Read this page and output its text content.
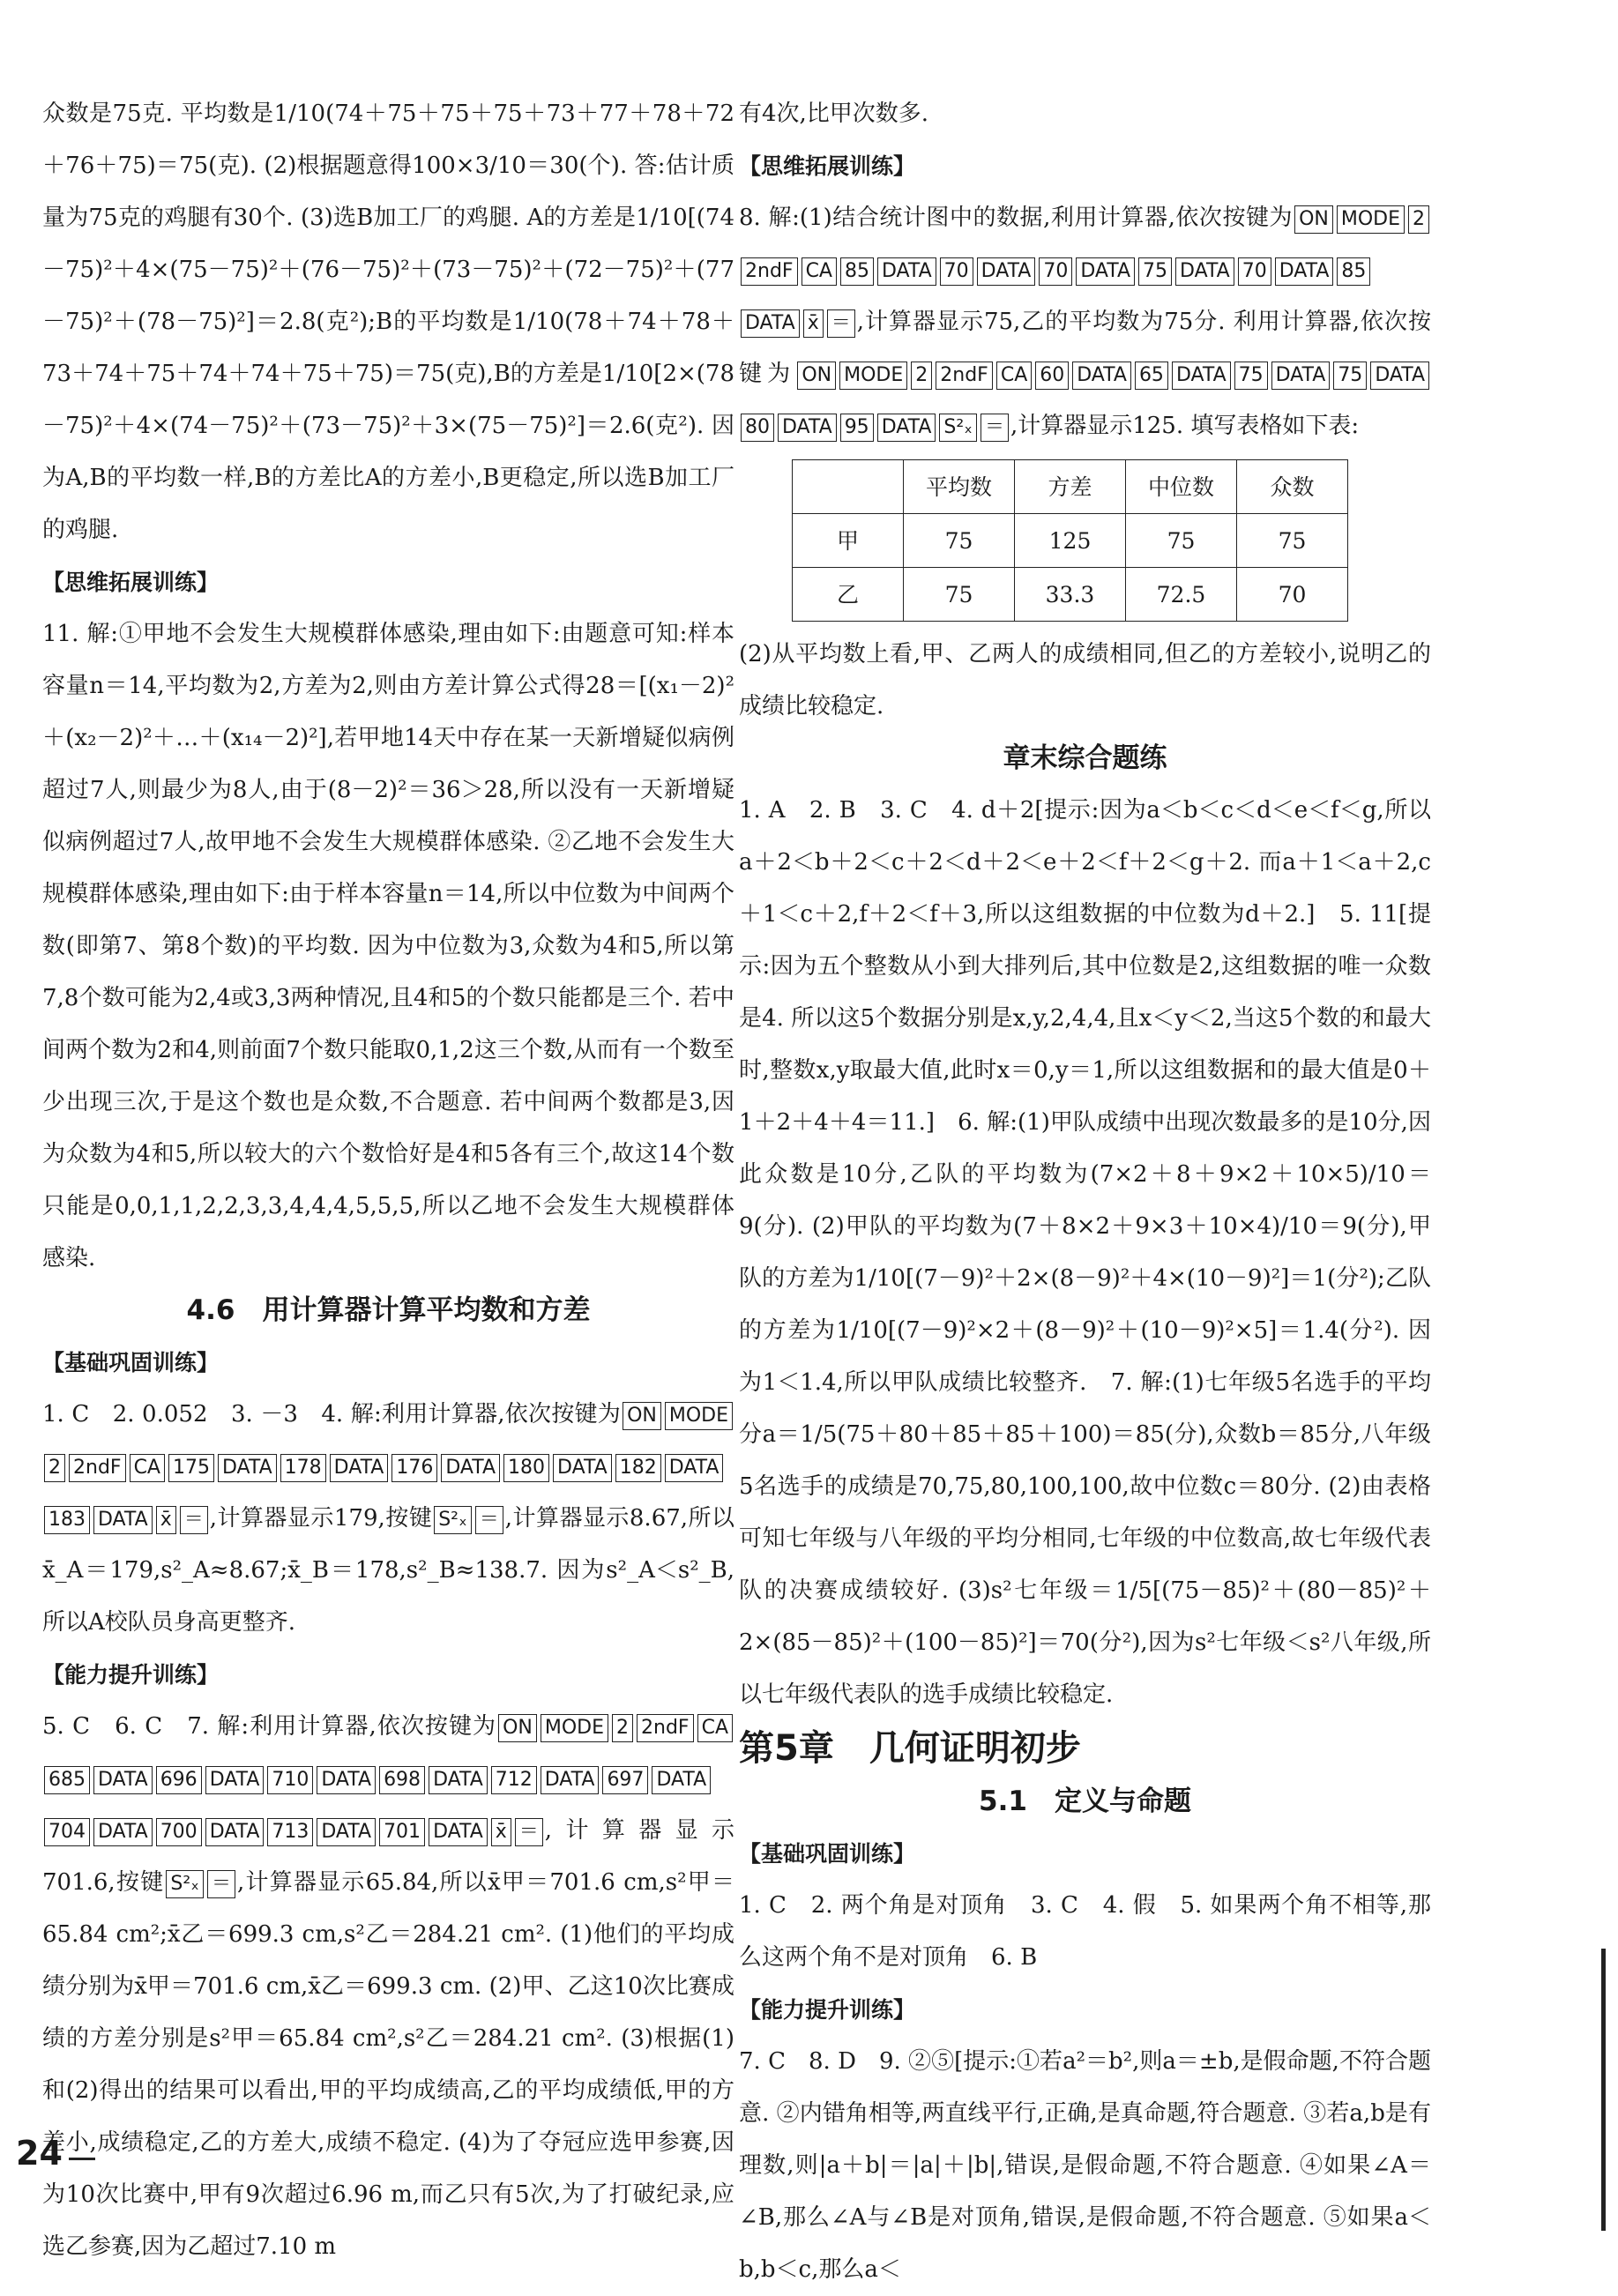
众数是75克. 平均数是1/10(74＋75＋75＋75＋73＋77＋78＋72＋76＋75)＝75(克). (2)根据题意得100×3/10＝30(个). 答:估计质量为75克的鸡腿有30个. (3)选B加工厂的鸡腿. A的方差是1/10[(74－75)²＋4×(75－75)²＋(76－75)²＋(73－75)²＋(72－75)²＋(77－75)²＋(78－75)²]＝2.8(克²);B的平均数是1/10(78＋74＋78＋73＋74＋75＋74＋74＋75＋75)＝75(克),B的方差是1/10[2×(78－75)²＋4×(74－75)²＋(73－75)²＋3×(75－75)²]＝2.6(克²). 因为A,B的平均数一样,B的方差比A的方差小,B更稳定,所以选B加工厂的鸡腿.

【思维拓展训练】

11. 解:①甲地不会发生大规模群体感染,理由如下:由题意可知:样本容量n＝14,平均数为2,方差为2,则由方差计算公式得28＝[(x₁－2)²＋(x₂－2)²＋…＋(x₁₄－2)²],若甲地14天中存在某一天新增疑似病例超过7人,则最少为8人,由于(8－2)²＝36＞28,所以没有一天新增疑似病例超过7人,故甲地不会发生大规模群体感染. ②乙地不会发生大规模群体感染,理由如下:由于样本容量n＝14,所以中位数为中间两个数(即第7、第8个数)的平均数. 因为中位数为3,众数为4和5,所以第7,8个数可能为2,4或3,3两种情况,且4和5的个数只能都是三个. 若中间两个数为2和4,则前面7个数只能取0,1,2这三个数,从而有一个数至少出现三次,于是这个数也是众数,不合题意. 若中间两个数都是3,因为众数为4和5,所以较大的六个数恰好是4和5各有三个,故这14个数只能是0,0,1,1,2,2,3,3,4,4,4,5,5,5,所以乙地不会发生大规模群体感染.

4.6　用计算器计算平均数和方差

【基础巩固训练】

1. C　2. 0.052　3. －3　4. 解:利用计算器,依次按键为 ON MODE2 2ndF CA 175 DATA 178 DATA 176 DATA 180 DATA 182 DATA183 DATA x̄ ＝ ,计算器显示179,按键 S²ₓ ＝ ,计算器显示8.67,所以x̄_A＝179,s²_A≈8.67;x̄_B＝178,s²_B≈138.7. 因为s²_A＜s²_B,所以A校队员身高更整齐.

【能力提升训练】

5. C　6. C　7. 解:利用计算器,依次按键为 ON MODE 2 2ndF CA685 DATA 696 DATA 710 DATA 698 DATA 712 DATA 697 DATA704 DATA 700 DATA 713 DATA 701 DATA x̄ ＝ ,计算器显示701.6,按键 S²ₓ ＝ ,计算器显示65.84,所以x̄甲＝701.6 cm,s²甲＝65.84 cm²;x̄乙＝699.3 cm,s²乙＝284.21 cm². (1)他们的平均成绩分别为x̄甲＝701.6 cm,x̄乙＝699.3 cm. (2)甲、乙这10次比赛成绩的方差分别是s²甲＝65.84 cm²,s²乙＝284.21 cm². (3)根据(1)和(2)得出的结果可以看出,甲的平均成绩高,乙的平均成绩低,甲的方差小,成绩稳定,乙的方差大,成绩不稳定. (4)为了夺冠应选甲参赛,因为10次比赛中,甲有9次超过6.96 m,而乙只有5次,为了打破纪录,应选乙参赛,因为乙超过7.10 m

有4次,比甲次数多.

【思维拓展训练】

8. 解:(1)结合统计图中的数据,利用计算器,依次按键为 ON MODE 22ndF CA 85 DATA 70 DATA 70 DATA 75 DATA 70 DATA 85DATA x̄ ＝ ,计算器显示75,乙的平均数为75分. 利用计算器,依次按键为 ON MODE 2 2ndF CA 60 DATA 65 DATA 75 DATA 75 DATA80 DATA 95 DATA S²ₓ ＝ ,计算器显示125. 填写表格如下表:

	平均数	方差	中位数	众数
甲	75	125	75	75
乙	75	33.3	72.5	70

(2)从平均数上看,甲、乙两人的成绩相同,但乙的方差较小,说明乙的成绩比较稳定.

章末综合题练

1. A　2. B　3. C　4. d＋2[提示:因为a＜b＜c＜d＜e＜f＜g,所以a＋2＜b＋2＜c＋2＜d＋2＜e＋2＜f＋2＜g＋2. 而a＋1＜a＋2,c＋1＜c＋2,f＋2＜f＋3,所以这组数据的中位数为d＋2.]　5. 11[提示:因为五个整数从小到大排列后,其中位数是2,这组数据的唯一众数是4. 所以这5个数据分别是x,y,2,4,4,且x＜y＜2,当这5个数的和最大时,整数x,y取最大值,此时x＝0,y＝1,所以这组数据和的最大值是0＋1＋2＋4＋4＝11.]　6. 解:(1)甲队成绩中出现次数最多的是10分,因此众数是10分,乙队的平均数为(7×2＋8＋9×2＋10×5)/10＝9(分). (2)甲队的平均数为(7＋8×2＋9×3＋10×4)/10＝9(分),甲队的方差为1/10[(7－9)²＋2×(8－9)²＋4×(10－9)²]＝1(分²);乙队的方差为1/10[(7－9)²×2＋(8－9)²＋(10－9)²×5]＝1.4(分²). 因为1＜1.4,所以甲队成绩比较整齐.　7. 解:(1)七年级5名选手的平均分a＝1/5(75＋80＋85＋85＋100)＝85(分),众数b＝85分,八年级5名选手的成绩是70,75,80,100,100,故中位数c＝80分. (2)由表格可知七年级与八年级的平均分相同,七年级的中位数高,故七年级代表队的决赛成绩较好. (3)s²七年级＝1/5[(75－85)²＋(80－85)²＋2×(85－85)²＋(100－85)²]＝70(分²),因为s²七年级＜s²八年级,所以七年级代表队的选手成绩比较稳定.

第5章　几何证明初步

5.1　定义与命题

【基础巩固训练】

1. C　2. 两个角是对顶角　3. C　4. 假　5. 如果两个角不相等,那么这两个角不是对顶角　6. B

【能力提升训练】

7. C　8. D　9. ②⑤[提示:①若a²＝b²,则a＝±b,是假命题,不符合题意. ②内错角相等,两直线平行,正确,是真命题,符合题意. ③若a,b是有理数,则|a＋b|＝|a|＋|b|,错误,是假命题,不符合题意. ④如果∠A＝∠B,那么∠A与∠B是对顶角,错误,是假命题,不符合题意. ⑤如果a＜b,b＜c,那么a＜

24
